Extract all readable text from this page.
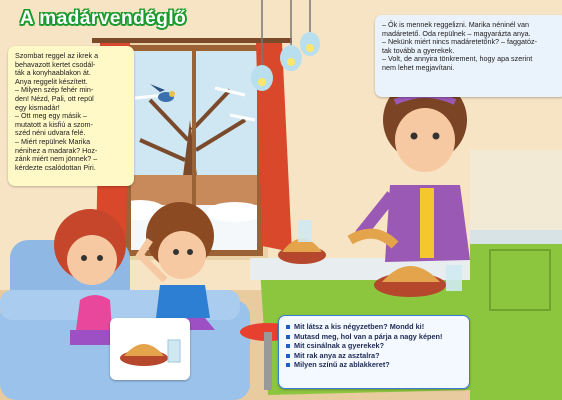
A madárvendéglő

Szombat reggel az ikrek a
behavazott kertet csodál-
ták a konyhaablakon át.
Anya reggelit készített.
– Milyen szép fehér min-
den! Nézd, Pali, ott repül
egy kismadár!
– Ott meg egy másik –
mutatott a kisfiú a szom-
széd néni udvara felé.
– Miért repülnek Marika
nénihez a madarak? Hoz-
zánk miért nem jönnek? –
kérdezte csalódottan Piri.

– Ők is mennek reggelizni. Marika néninél van
madáretető. Oda repülnek – magyarázta anya.
– Nekünk miért nincs madáretetőnk? – faggatóz-
tak tovább a gyerekek.
– Volt, de annyira tönkrement, hogy apa szerint
nem lehet megjavítani.

Mit látsz a kis négyzetben? Mondd ki!
Mutasd meg, hol van a párja a nagy képen!
Mit csinálnak a gyerekek?
Mit rak anya az asztalra?
Milyen színű az ablakkeret?
